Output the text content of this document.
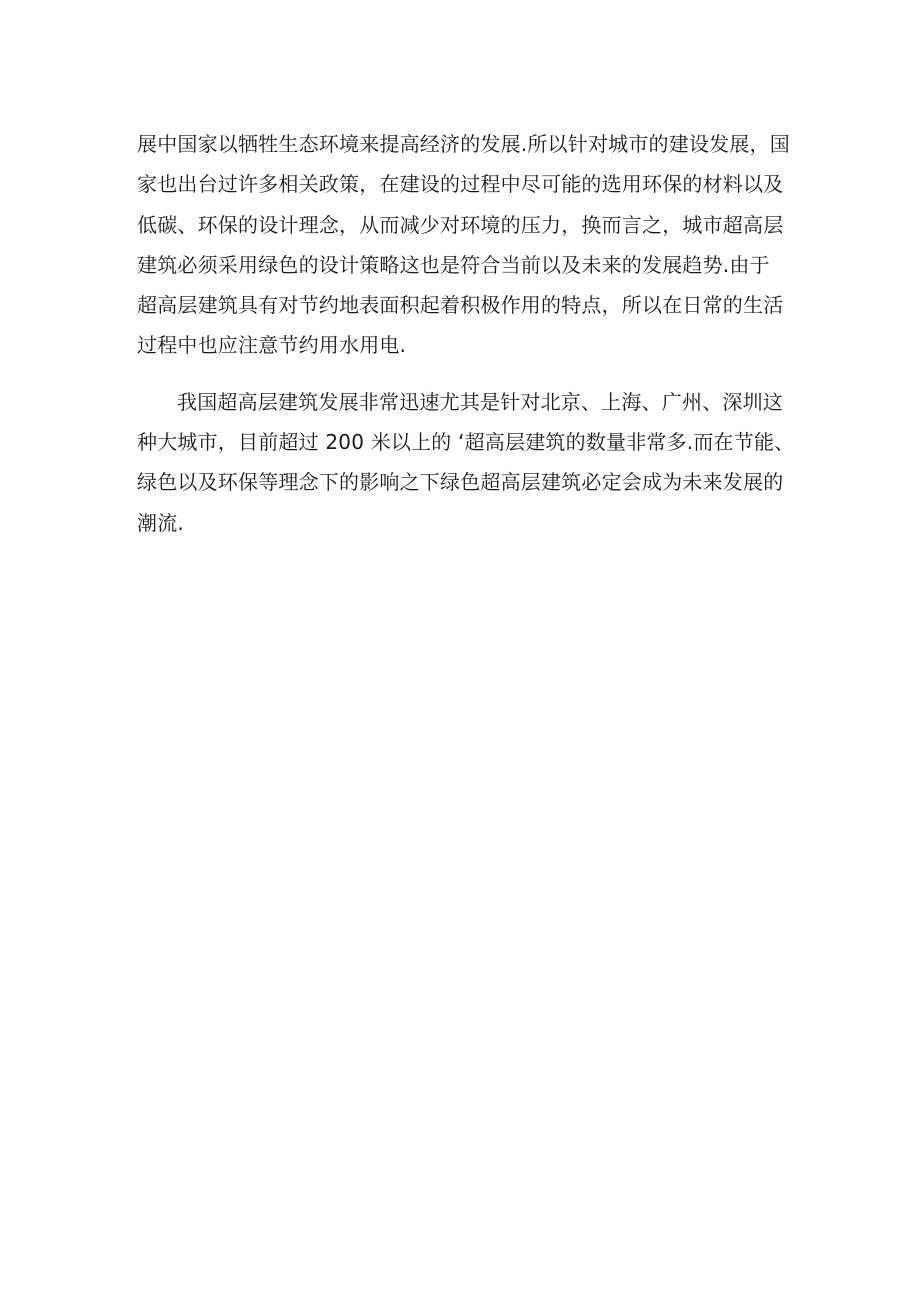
展中国家以牺牲生态环境来提高经济的发展.所以针对城市的建设发展，国
家也出台过许多相关政策，在建设的过程中尽可能的选用环保的材料以及
低碳、环保的设计理念，从而减少对环境的压力，换而言之，城市超高层
建筑必须采用绿色的设计策略这也是符合当前以及未来的发展趋势.由于
超高层建筑具有对节约地表面积起着积极作用的特点，所以在日常的生活
过程中也应注意节约用水用电.
我国超高层建筑发展非常迅速尤其是针对北京、上海、广州、深圳这
种大城市，目前超过 200 米以上的 ‘超高层建筑的数量非常多.而在节能、
绿色以及环保等理念下的影响之下绿色超高层建筑必定会成为未来发展的
潮流.
